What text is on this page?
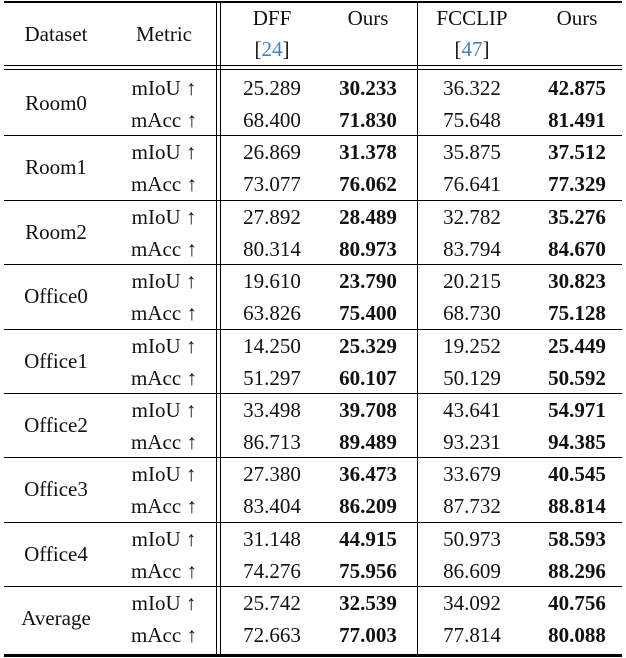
Dataset Metric
DFF
[24]
Ours FCCLIP
[47]
Ours
Room0
mIoU ↑
mAcc ↑
25.289 30.233 36.322 42.875
68.400 71.830 75.648 81.491
Room1
mIoU ↑
mAcc ↑
26.869 31.378 35.875 37.512
73.077 76.062 76.641 77.329
Room2
mIoU ↑
mAcc ↑
27.892 28.489 32.782 35.276
80.314 80.973 83.794 84.670
Office0
mIoU ↑
mAcc ↑
19.610 23.790 20.215 30.823
63.826 75.400 68.730 75.128
Office1
mIoU ↑
mAcc ↑
14.250 25.329 19.252 25.449
51.297 60.107 50.129 50.592
Office2
mIoU ↑
mAcc ↑
33.498 39.708 43.641 54.971
86.713 89.489 93.231 94.385
Office3
mIoU ↑
mAcc ↑
27.380 36.473 33.679 40.545
83.404 86.209 87.732 88.814
Office4
mIoU ↑
mAcc ↑
31.148 44.915 50.973 58.593
74.276 75.956 86.609 88.296
Average
mIoU ↑
mAcc ↑
25.742 32.539 34.092 40.756
72.663 77.003 77.814 80.088
